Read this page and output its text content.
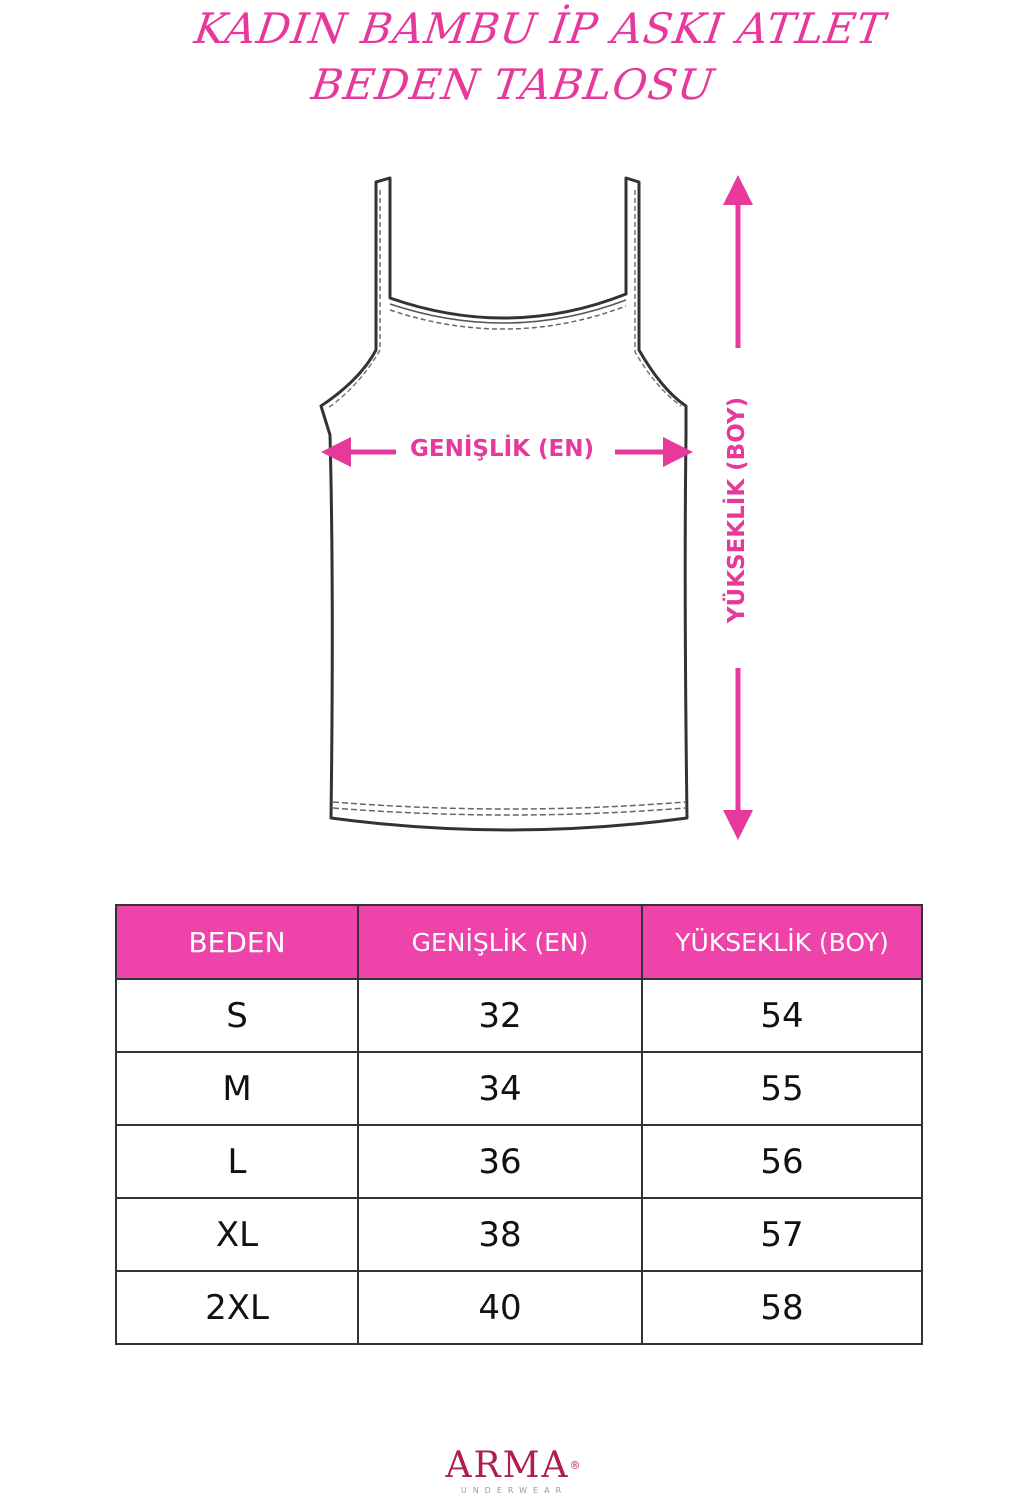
KADIN BAMBU İP ASKI ATLET
BEDEN TABLOSU
GENİŞLİK (EN)	YÜKSEKLİK (BOY)
BEDEN	GENİŞLİK (EN)	YÜKSEKLİK (BOY)
S	32	54
M	34	55
L	36	56
XL	38	57
2XL	40	58
ARMA®
UNDERWEAR
